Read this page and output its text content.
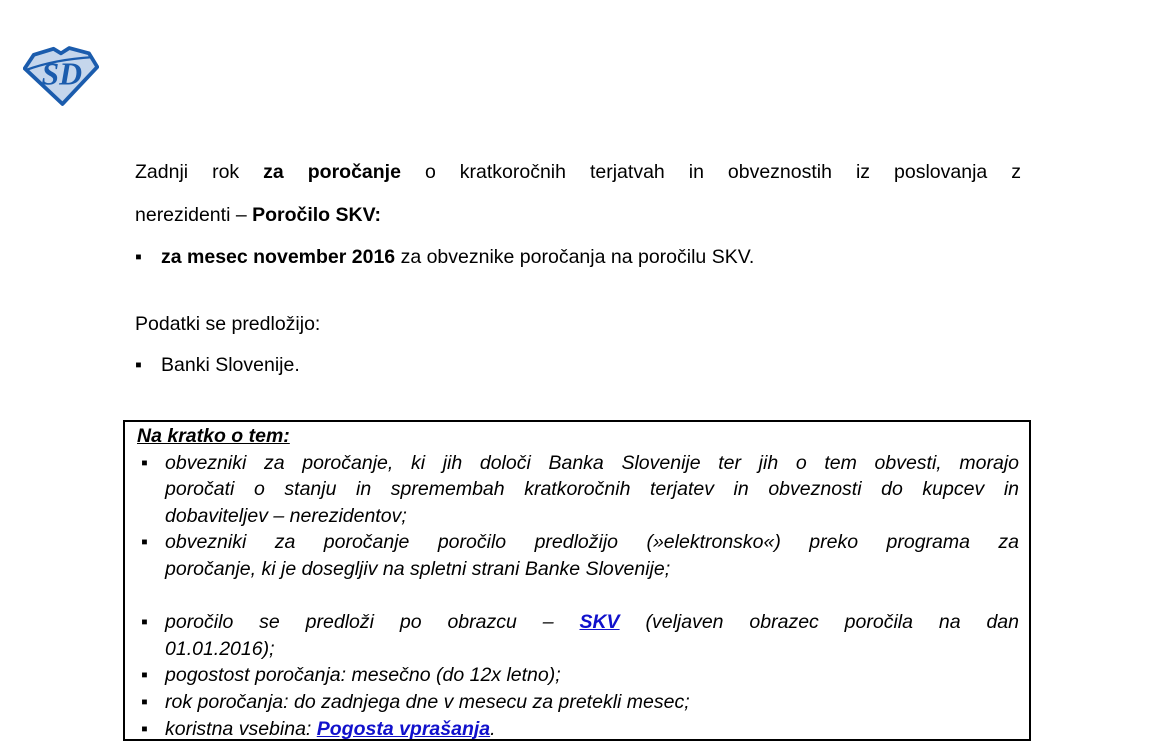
SD
Zadnji rok za poročanje o kratkoročnih terjatvah in obveznostih iz poslovanja z
nerezidenti – Poročilo SKV:
▪ za mesec november 2016 za obveznike poročanja na poročilu SKV.
Podatki se predložijo:
▪ Banki Slovenije.
Na kratko o tem:
▪ obvezniki za poročanje, ki jih določi Banka Slovenije ter jih o tem obvesti, morajo
poročati o stanju in spremembah kratkoročnih terjatev in obveznosti do kupcev in
dobaviteljev – nerezidentov;
▪ obvezniki za poročanje poročilo predložijo (»elektronsko«) preko programa za
poročanje, ki je dosegljiv na spletni strani Banke Slovenije;
▪ poročilo se predloži po obrazcu – SKV (veljaven obrazec poročila na dan
01.01.2016);
▪ pogostost poročanja: mesečno (do 12x letno);
▪ rok poročanja: do zadnjega dne v mesecu za pretekli mesec;
▪ koristna vsebina: Pogosta vprašanja.
